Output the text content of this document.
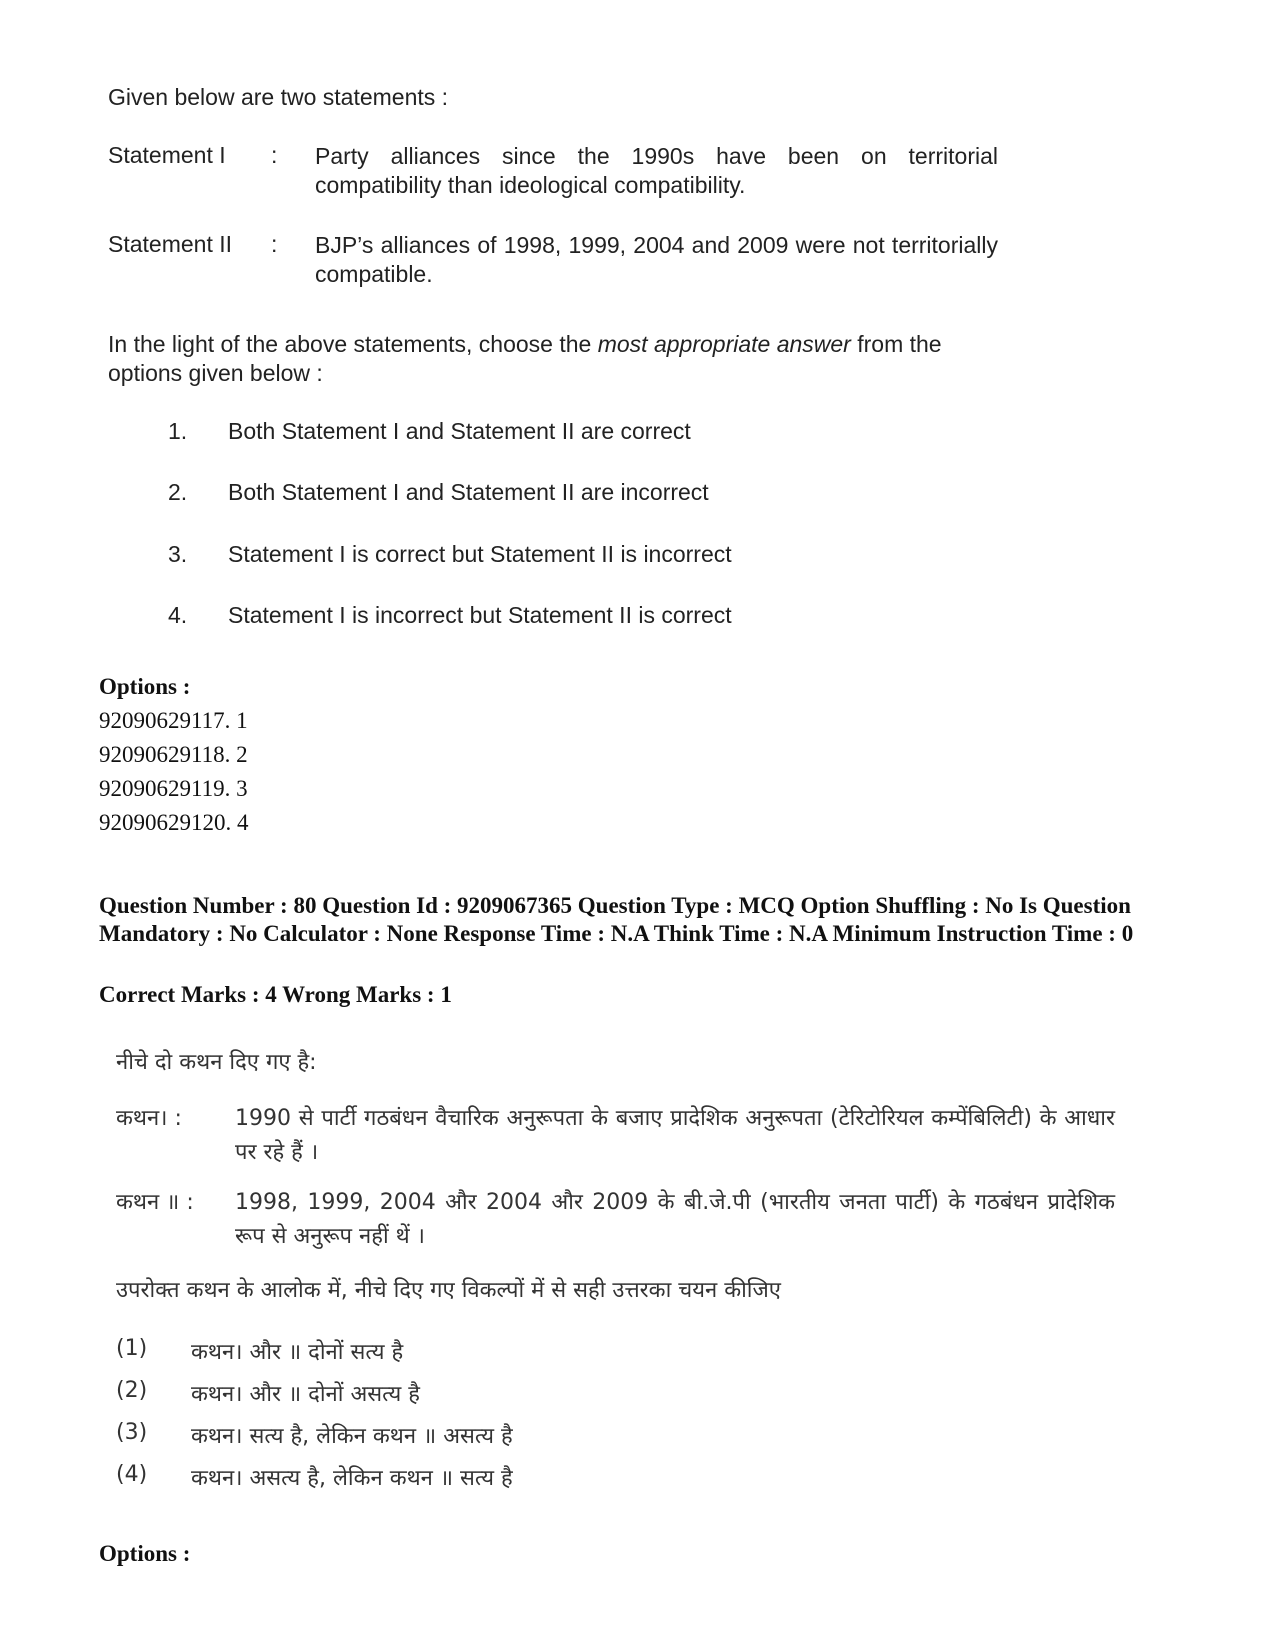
Given below are two statements :
Statement I : Party alliances since the 1990s have been on territorial compatibility than ideological compatibility.
Statement II : BJP’s alliances of 1998, 1999, 2004 and 2009 were not territorially compatible.
In the light of the above statements, choose the most appropriate answer from the options given below :
1. Both Statement I and Statement II are correct
2. Both Statement I and Statement II are incorrect
3. Statement I is correct but Statement II is incorrect
4. Statement I is incorrect but Statement II is correct
Options :
92090629117. 1
92090629118. 2
92090629119. 3
92090629120. 4
Question Number : 80 Question Id : 9209067365 Question Type : MCQ Option Shuffling : No Is Question Mandatory : No Calculator : None Response Time : N.A Think Time : N.A Minimum Instruction Time : 0
Correct Marks : 4 Wrong Marks : 1
नीचे दो कथन दिए गए है:
कथन। : 1990 से पार्टी गठबंधन वैचारिक अनुरूपता के बजाए प्रादेशिक अनुरूपता (टेरिटोरियल कम्पेंबिलिटी) के आधार पर रहे हैं ।
कथन ॥ : 1998, 1999, 2004 और 2004 और 2009 के बी.जे.पी (भारतीय जनता पार्टी) के गठबंधन प्रादेशिक रूप से अनुरूप नहीं थें ।
उपरोक्त कथन के आलोक में, नीचे दिए गए विकल्पों में से सही उत्तरका चयन कीजिए
(1) कथन। और ॥ दोनों सत्य है
(2) कथन। और ॥ दोनों असत्य है
(3) कथन। सत्य है, लेकिन कथन ॥ असत्य है
(4) कथन। असत्य है, लेकिन कथन ॥ सत्य है
Options :
